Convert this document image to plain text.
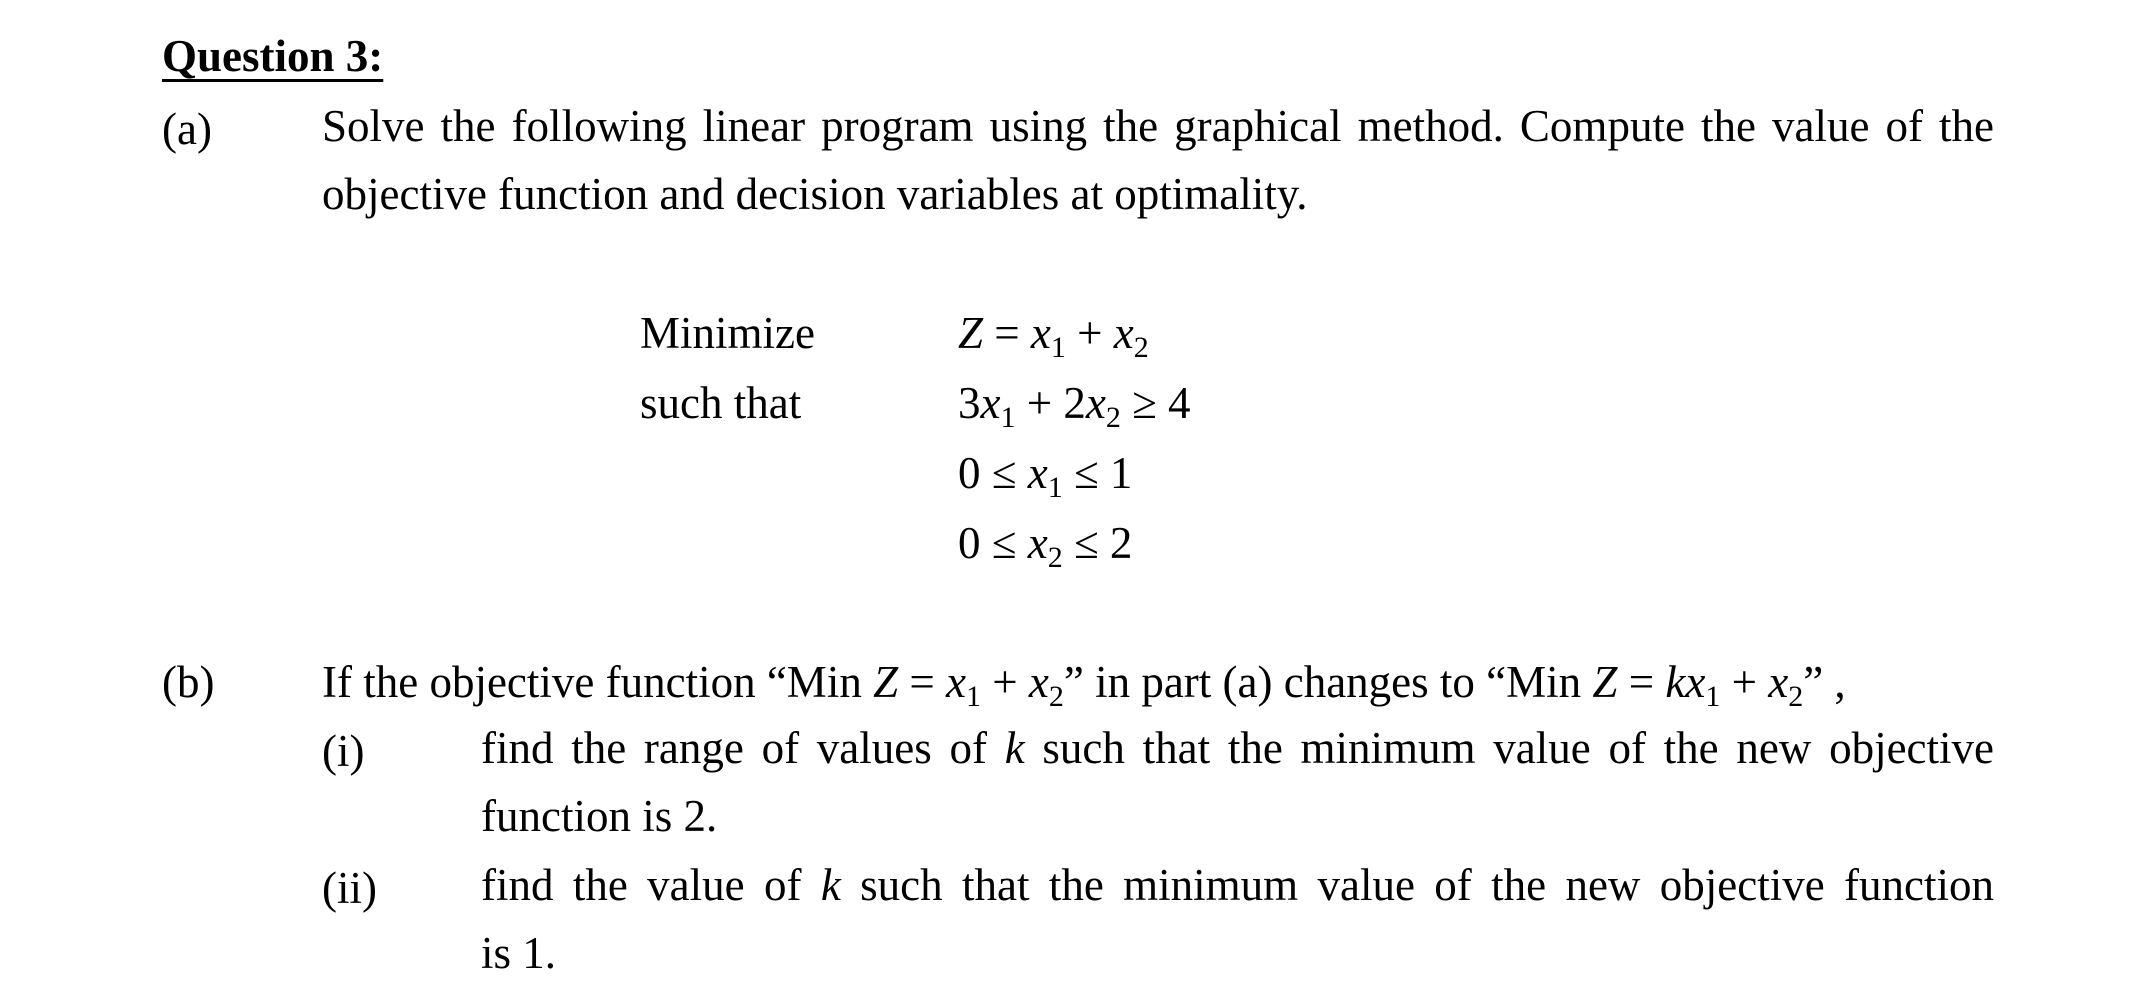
Question 3:
(a) Solve the following linear program using the graphical method. Compute the value of the
objective function and decision variables at optimality.
Minimize
such that
$Z = x_1 + x_2$
$3x_1 + 2x_2 \ge 4$
$0 \le x_1 \le 1$
$0 \le x_2 \le 2$
(b) If the objective function “Min $Z = x_1 + x_2$” in part (a) changes to “Min $Z = kx_1 + x_2$” ,
(i)	find the range of values of k such that the minimum value of the new objective
function is 2.
(ii) find the value of k such that the minimum value of the new objective function
is 1.
